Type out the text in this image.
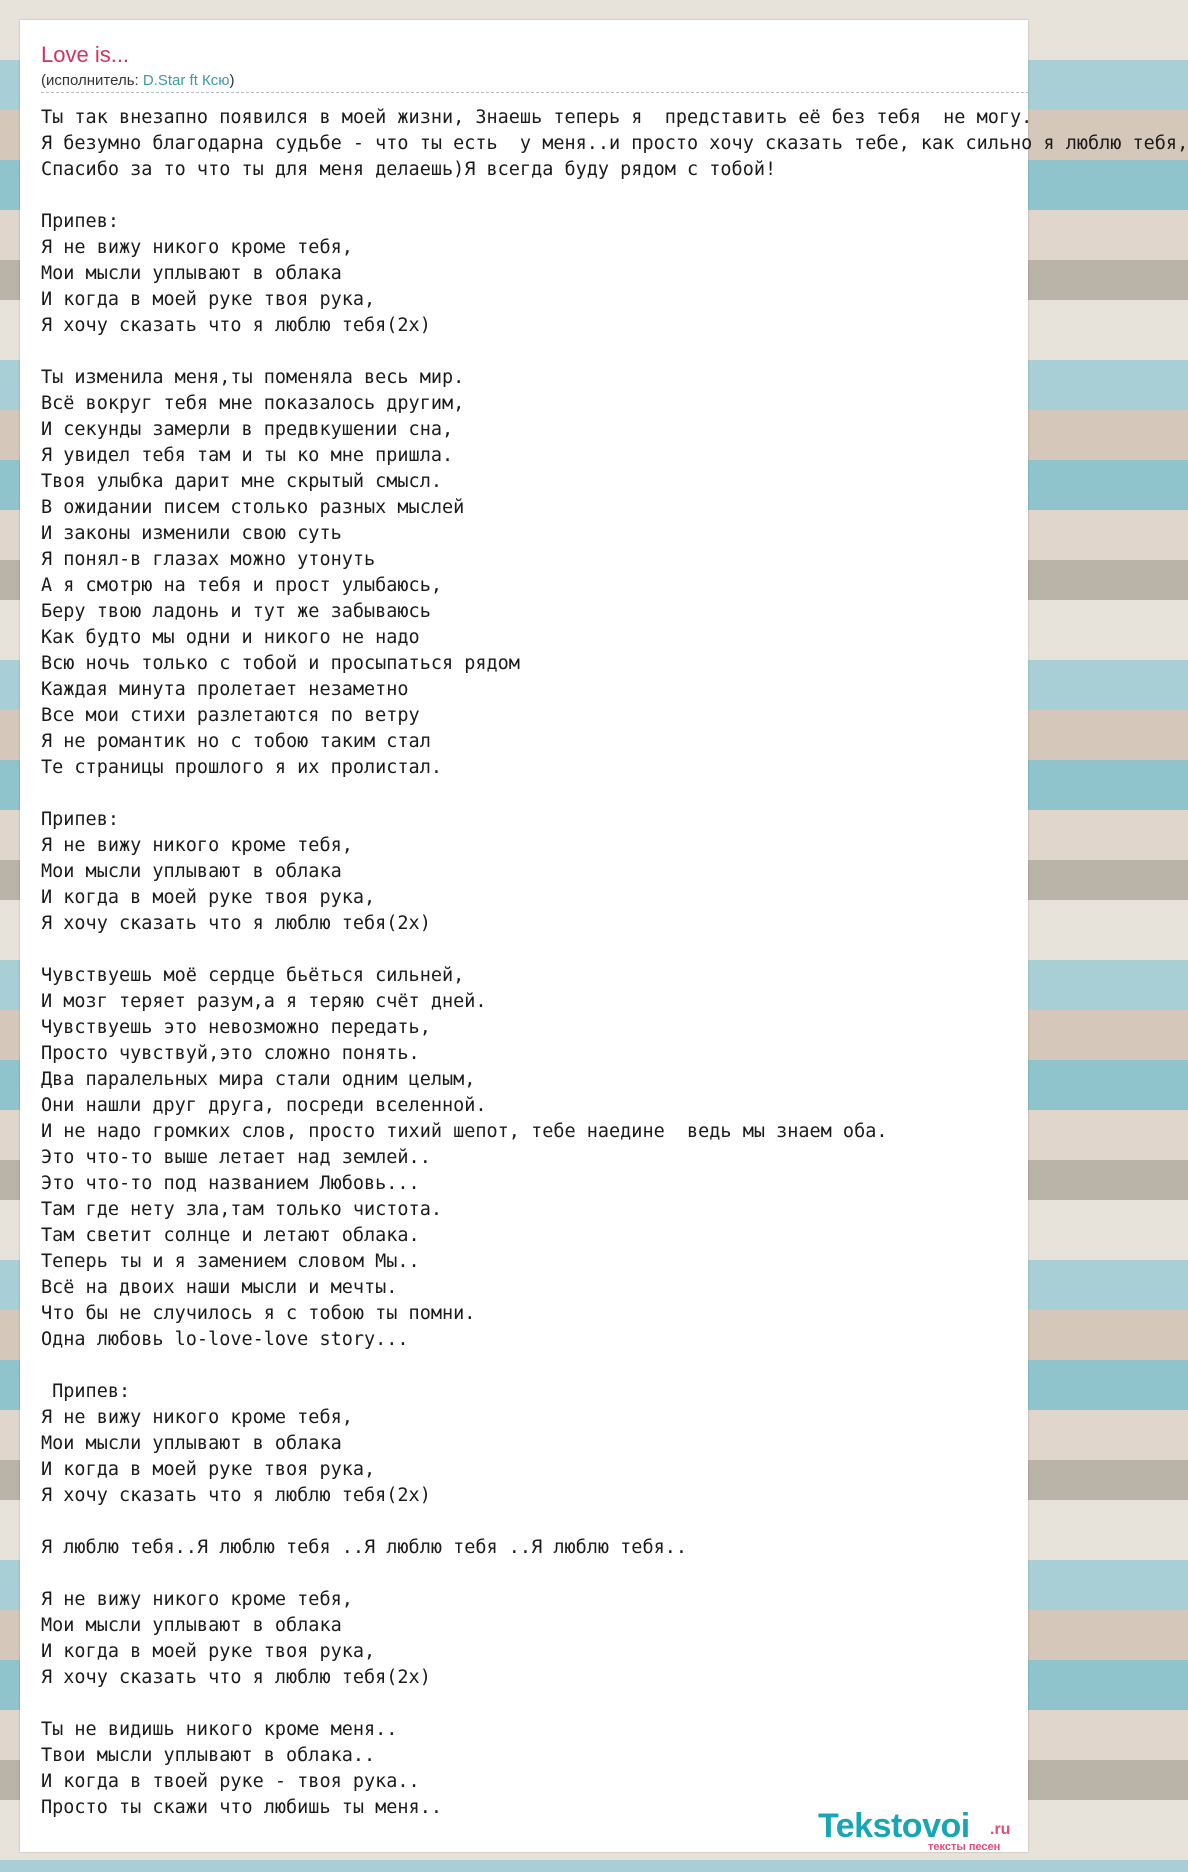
Love is...
(исполнитель: D.Star ft Ксю)
Ты так внезапно появился в моей жизни, Знаешь теперь я  представить её без тебя  не могу.
Я безумно благодарна судьбе - что ты есть  у меня..и просто хочу сказать тебе, как сильно я люблю тебя,
Спасибо за то что ты для меня делаешь)Я всегда буду рядом с тобой!

Припев:
Я не вижу никого кроме тебя,
Мои мысли уплывают в облака
И когда в моей руке твоя рука,
Я хочу сказать что я люблю тебя(2x)

Ты изменила меня,ты поменяла весь мир.
Всё вокруг тебя мне показалось другим,
И секунды замерли в предвкушении сна,
Я увидел тебя там и ты ко мне пришла.
Твоя улыбка дарит мне скрытый смысл.
В ожидании писем столько разных мыслей
И законы изменили свою суть
Я понял-в глазах можно утонуть
А я смотрю на тебя и прост улыбаюсь,
Беру твою ладонь и тут же забываюсь
Как будто мы одни и никого не надо
Всю ночь только с тобой и просыпаться рядом
Каждая минута пролетает незаметно
Все мои стихи разлетаются по ветру
Я не романтик но с тобою таким стал
Те страницы прошлого я их пролистал.

Припев:
Я не вижу никого кроме тебя,
Мои мысли уплывают в облака
И когда в моей руке твоя рука,
Я хочу сказать что я люблю тебя(2x)

Чувствуешь моё сердце бьёться сильней,
И мозг теряет разум,а я теряю счёт дней.
Чувствуешь это невозможно передать,
Просто чувствуй,это сложно понять.
Два паралельных мира стали одним целым,
Они нашли друг друга, посреди вселенной.
И не надо громких слов, просто тихий шепот, тебе наедине  ведь мы знаем оба.
Это что-то выше летает над землей..
Это что-то под названием Любовь...
Там где нету зла,там только чистота.
Там светит солнце и летают облака.
Теперь ты и я замением словом Мы..
Всё на двоих наши мысли и мечты.
Что бы не случилось я с тобою ты помни.
Одна любовь lo-love-love story...

Припев:
Я не вижу никого кроме тебя,
Мои мысли уплывают в облака
И когда в моей руке твоя рука,
Я хочу сказать что я люблю тебя(2x)

Я люблю тебя..Я люблю тебя ..Я люблю тебя ..Я люблю тебя..

Я не вижу никого кроме тебя,
Мои мысли уплывают в облака
И когда в моей руке твоя рука,
Я хочу сказать что я люблю тебя(2x)

Ты не видишь никого кроме меня..
Твои мысли уплывают в облака..
И когда в твоей руке - твоя рука..
Просто ты скажи что любишь ты меня..	Tekstovoi .ru
тексты песен
